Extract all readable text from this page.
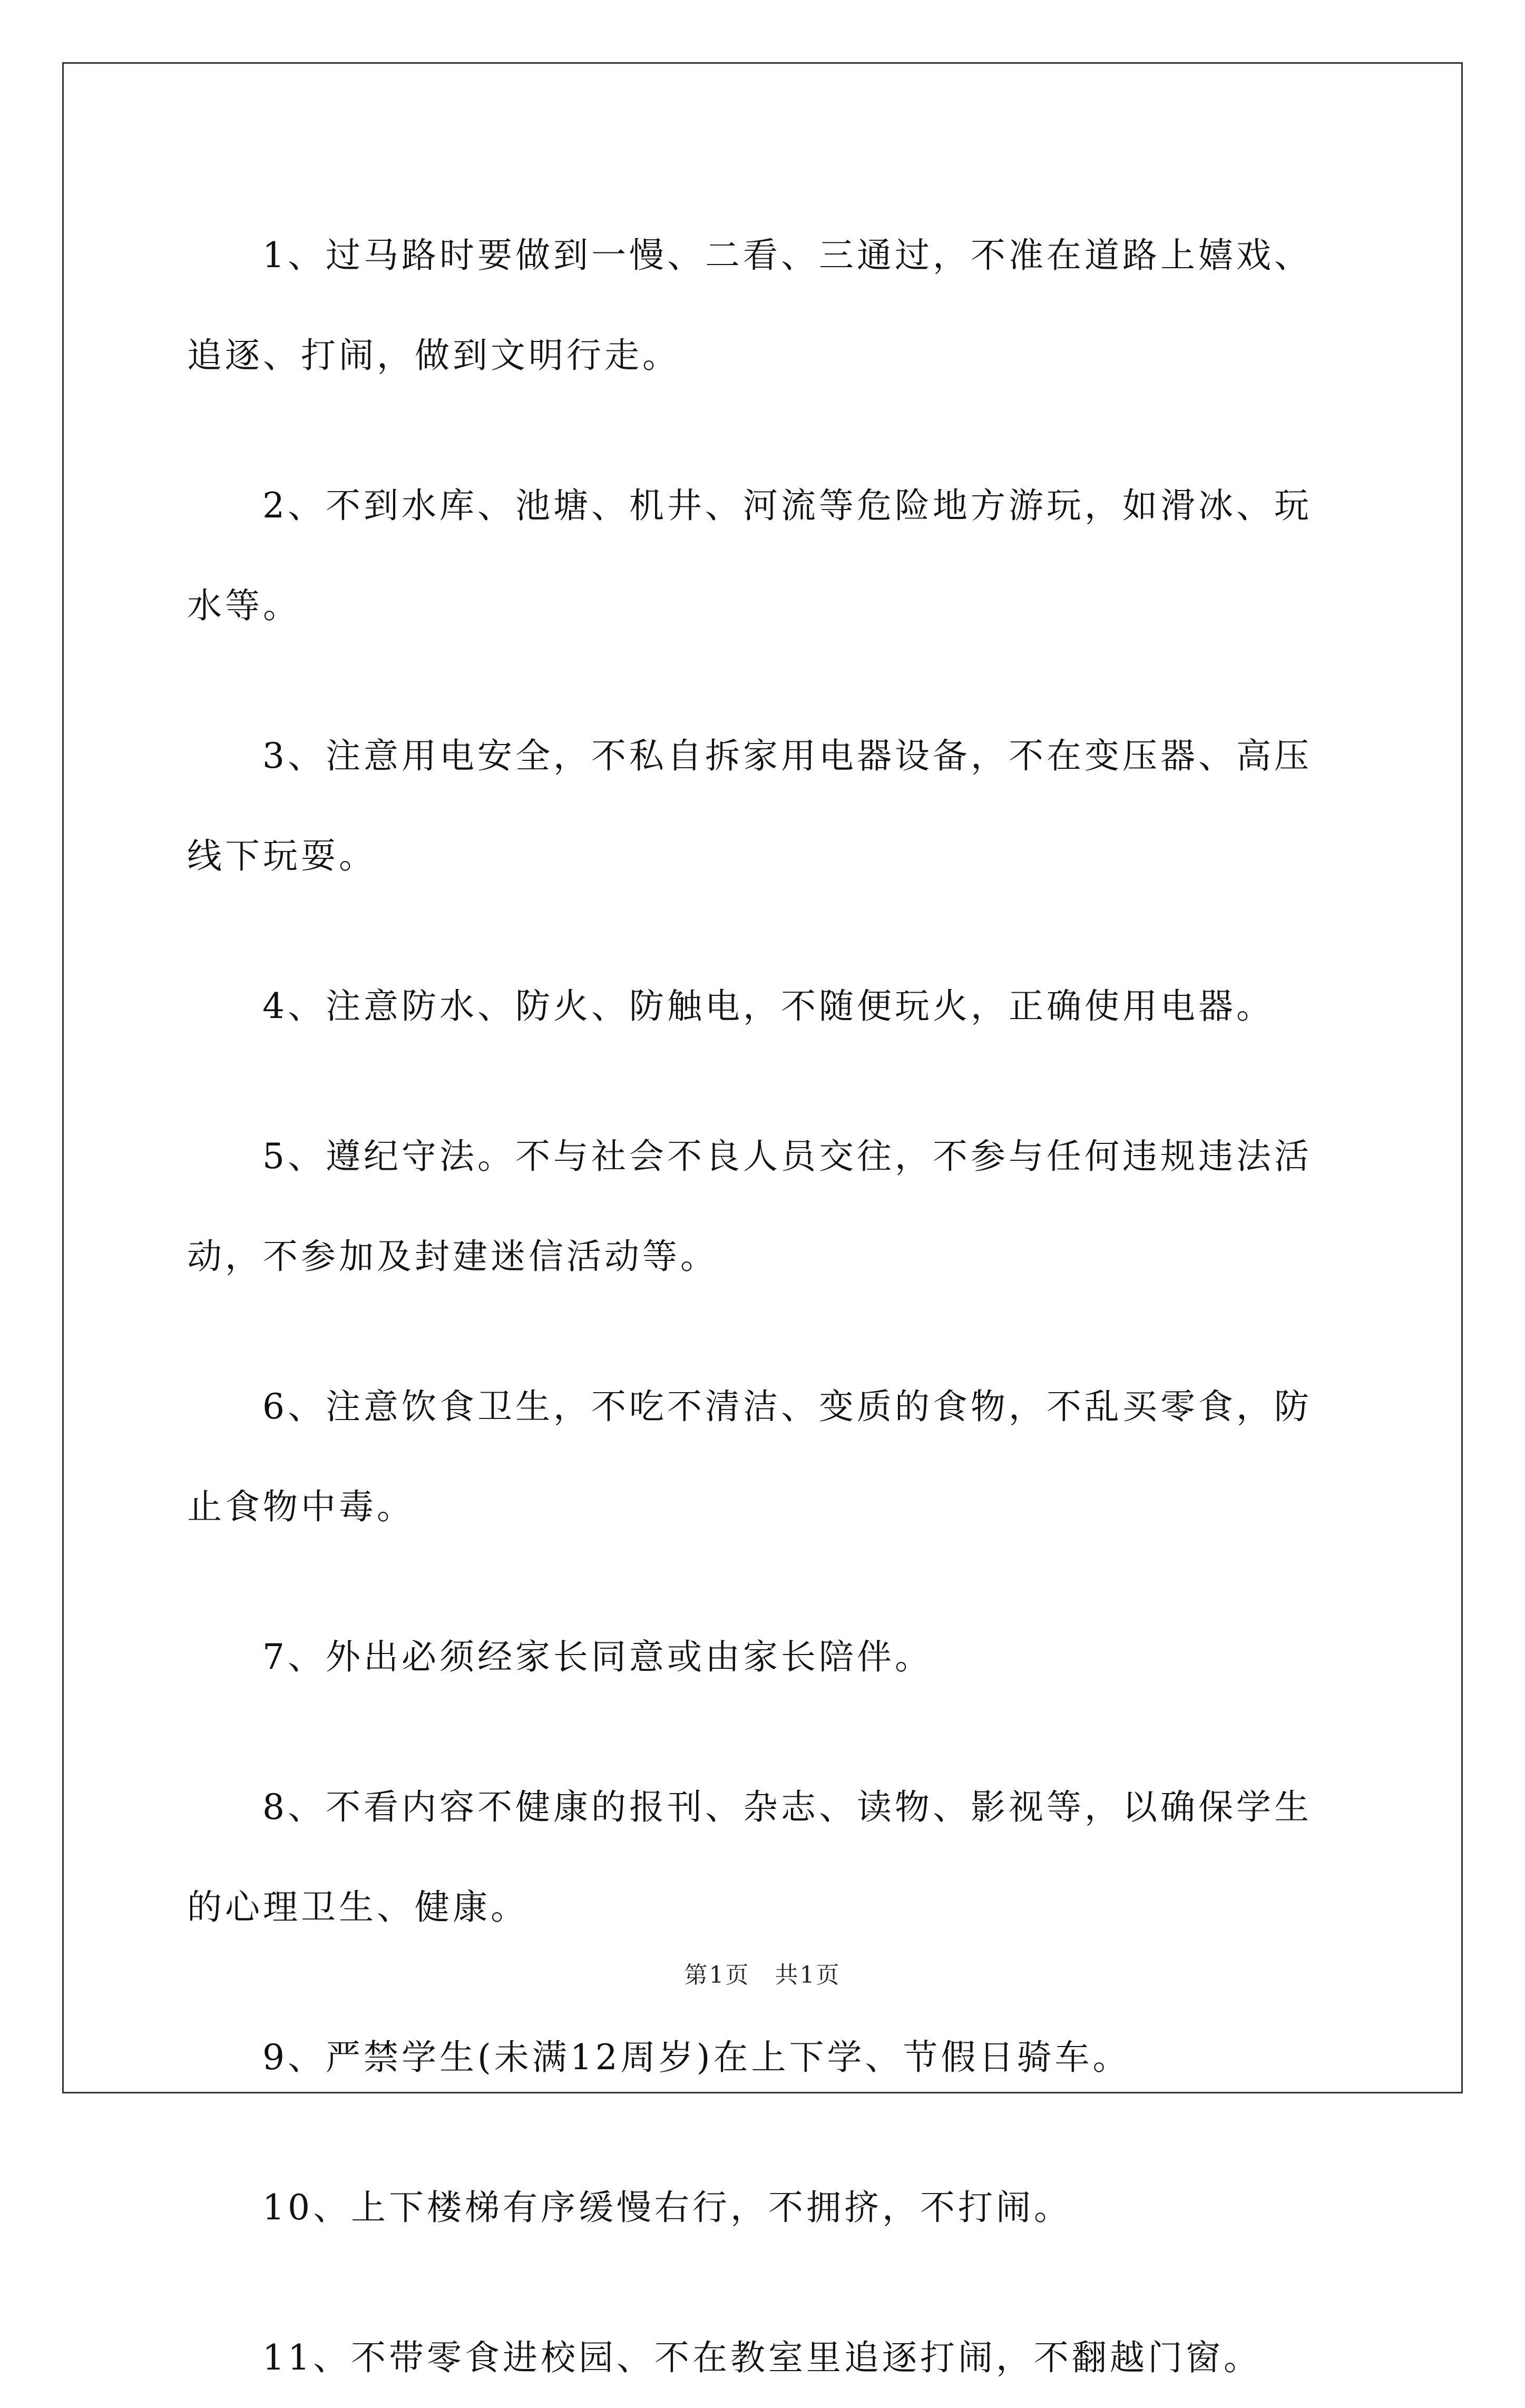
1、过马路时要做到一慢、二看、三通过，不准在道路上嬉戏、追逐、打闹，做到文明行走。

2、不到水库、池塘、机井、河流等危险地方游玩，如滑冰、玩水等。

3、注意用电安全，不私自拆家用电器设备，不在变压器、高压线下玩耍。

4、注意防水、防火、防触电，不随便玩火，正确使用电器。

5、遵纪守法。不与社会不良人员交往，不参与任何违规违法活动，不参加及封建迷信活动等。

6、注意饮食卫生，不吃不清洁、变质的食物，不乱买零食，防止食物中毒。

7、外出必须经家长同意或由家长陪伴。

8、不看内容不健康的报刊、杂志、读物、影视等，以确保学生的心理卫生、健康。

9、严禁学生(未满12周岁)在上下学、节假日骑车。

10、上下楼梯有序缓慢右行，不拥挤，不打闹。

11、不带零食进校园、不在教室里追逐打闹，不翻越门窗。

第1页　共1页
